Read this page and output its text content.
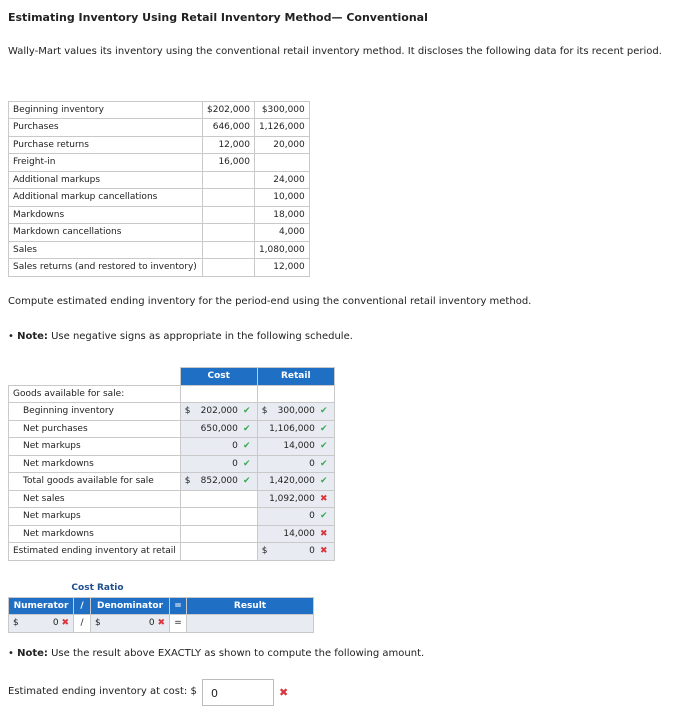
Estimating Inventory Using Retail Inventory Method— Conventional
Wally-Mart values its inventory using the conventional retail inventory method. It discloses the following data for its recent period.
	At Cost	At Retail
Beginning inventory	$202,000	$300,000
Purchases	646,000	1,126,000
Purchase returns	12,000	20,000
Freight-in	16,000	
Additional markups		24,000
Additional markup cancellations		10,000
Markdowns		18,000
Markdown cancellations		4,000
Sales		1,080,000
Sales returns (and restored to inventory)		12,000
Compute estimated ending inventory for the period-end using the conventional retail inventory method.
• Note: Use negative signs as appropriate in the following schedule.
	Cost	Retail
Goods available for sale:		
Beginning inventory	$ 202,000 ✔	$ 300,000 ✔
Net purchases	650,000 ✔	1,106,000 ✔
Net markups	0 ✔	14,000 ✔
Net markdowns	0 ✔	0 ✔
Total goods available for sale	$ 852,000 ✔	1,420,000 ✔
Net sales		1,092,000 ✖
Net markups		0 ✔
Net markdowns		14,000 ✖
Estimated ending inventory at retail		$ 0 ✖
Cost Ratio				
Numerator	/	Denominator	=	Result

$ 0 ✖	/	$ 0 ✖	=	
• Note: Use the result above EXACTLY as shown to compute the following amount.
Estimated ending inventory at cost: $	0	✖
